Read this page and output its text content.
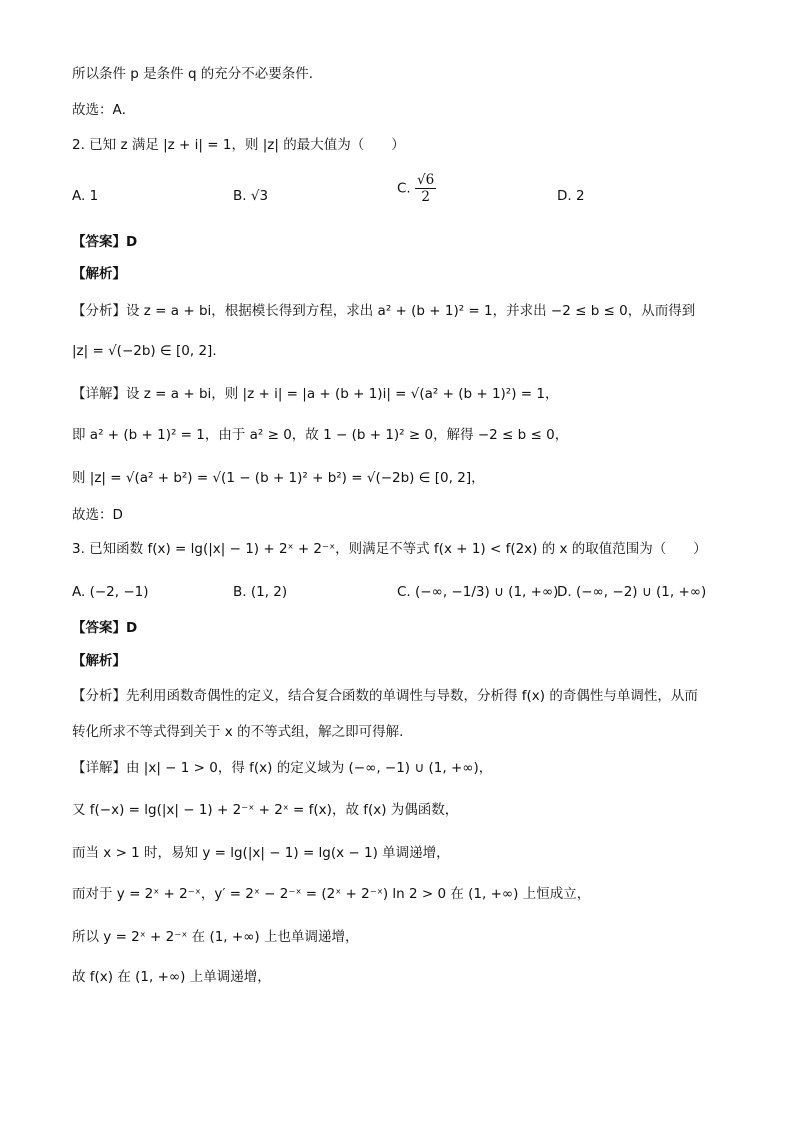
所以条件 p 是条件 q 的充分不必要条件．
故选：A．
2. 已知 z 满足 |z + i| = 1，则 |z| 的最大值为（　　）
A. 1	B. √3	C. $\frac{√6}{2}$	D. 2
【答案】D
【解析】
【分析】设 z = a + bi，根据模长得到方程，求出 a² + (b + 1)² = 1，并求出 −2 ≤ b ≤ 0，从而得到
|z| = √(−2b) ∈ [0, 2].
【详解】设 z = a + bi，则 |z + i| = |a + (b + 1)i| = √(a² + (b + 1)²) = 1，
即 a² + (b + 1)² = 1，由于 a² ≥ 0，故 1 − (b + 1)² ≥ 0，解得 −2 ≤ b ≤ 0，
则 |z| = √(a² + b²) = √(1 − (b + 1)² + b²) = √(−2b) ∈ [0, 2]，
故选：D
3. 已知函数 f(x) = lg(|x| − 1) + 2ˣ + 2⁻ˣ，则满足不等式 f(x + 1) < f(2x) 的 x 的取值范围为（　　）
A. (−2, −1)	B. (1, 2)	C. (−∞, −1/3) ∪ (1, +∞)
D. (−∞, −2) ∪ (1, +∞)
【答案】D
【解析】
【分析】先利用函数奇偶性的定义，结合复合函数的单调性与导数，分析得 f(x) 的奇偶性与单调性，从而
转化所求不等式得到关于 x 的不等式组，解之即可得解.
【详解】由 |x| − 1 > 0，得 f(x) 的定义域为 (−∞, −1) ∪ (1, +∞)，
又 f(−x) = lg(|x| − 1) + 2⁻ˣ + 2ˣ = f(x)，故 f(x) 为偶函数，
而当 x > 1 时，易知 y = lg(|x| − 1) = lg(x − 1) 单调递增，
而对于 y = 2ˣ + 2⁻ˣ，y′ = 2ˣ − 2⁻ˣ = (2ˣ + 2⁻ˣ) ln 2 > 0 在 (1, +∞) 上恒成立，
所以 y = 2ˣ + 2⁻ˣ 在 (1, +∞) 上也单调递增，
故 f(x) 在 (1, +∞) 上单调递增，
